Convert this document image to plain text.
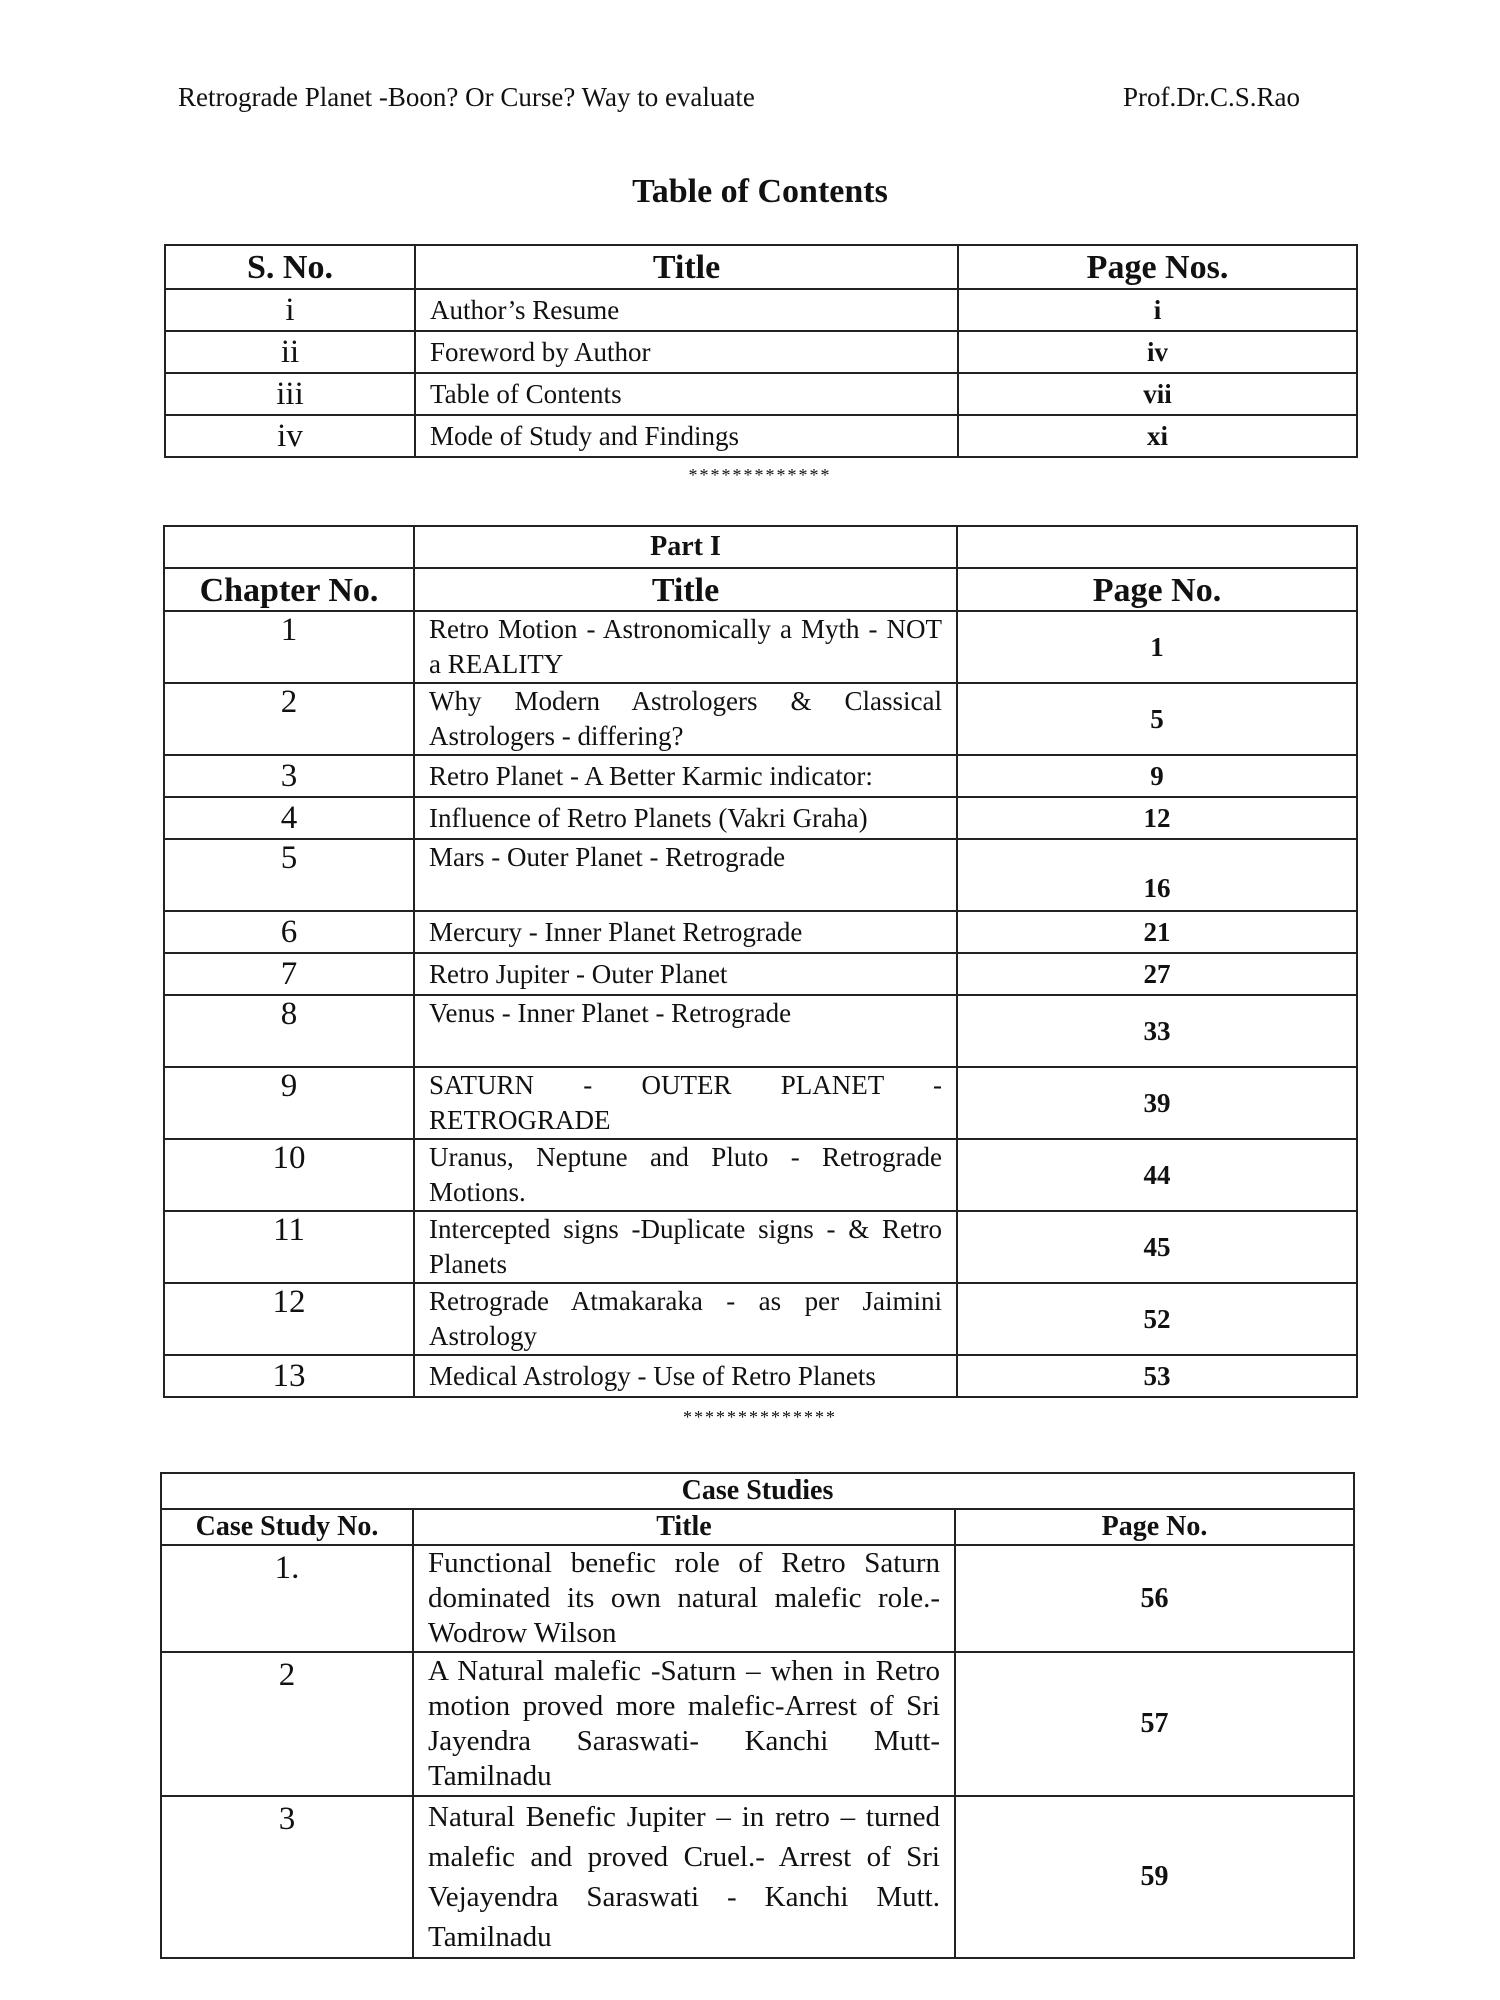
Retrograde Planet -Boon? Or Curse? Way to evaluate	Prof.Dr.C.S.Rao
Table of Contents
S. No.	Title	Page Nos.
i	Author’s Resume	i
ii	Foreword by Author	iv
iii	Table of Contents	vii
iv	Mode of Study and Findings	xi
*************
	Part I	
Chapter No.	Title	Page No.
1	Retro Motion - Astronomically a Myth - NOT a REALITY	1
2	Why Modern Astrologers & Classical Astrologers - differing?	5
3	Retro Planet - A Better Karmic indicator:	9
4	Influence of Retro Planets (Vakri Graha)	12
5	Mars - Outer Planet - Retrograde	16
6	Mercury - Inner Planet Retrograde	21
7	Retro Jupiter - Outer Planet	27
8	Venus - Inner Planet - Retrograde	33
9	SATURN - OUTER PLANET - RETROGRADE	39
10	Uranus, Neptune and Pluto - Retrograde Motions.	44
11	Intercepted signs -Duplicate signs - & Retro Planets	45
12	Retrograde Atmakaraka - as per Jaimini Astrology	52
13	Medical Astrology - Use of Retro Planets	53
**************
Case Studies		
Case Study No.	Title	Page No.
1.	Functional benefic role of Retro Saturn dominated its own natural malefic role.- Wodrow Wilson	56
2	A Natural malefic -Saturn – when in Retro motion proved more malefic-Arrest of Sri Jayendra Saraswati- Kanchi Mutt-Tamilnadu	57
3	Natural Benefic Jupiter – in retro – turned malefic and proved Cruel.- Arrest of Sri Vejayendra Saraswati - Kanchi Mutt. Tamilnadu	59
